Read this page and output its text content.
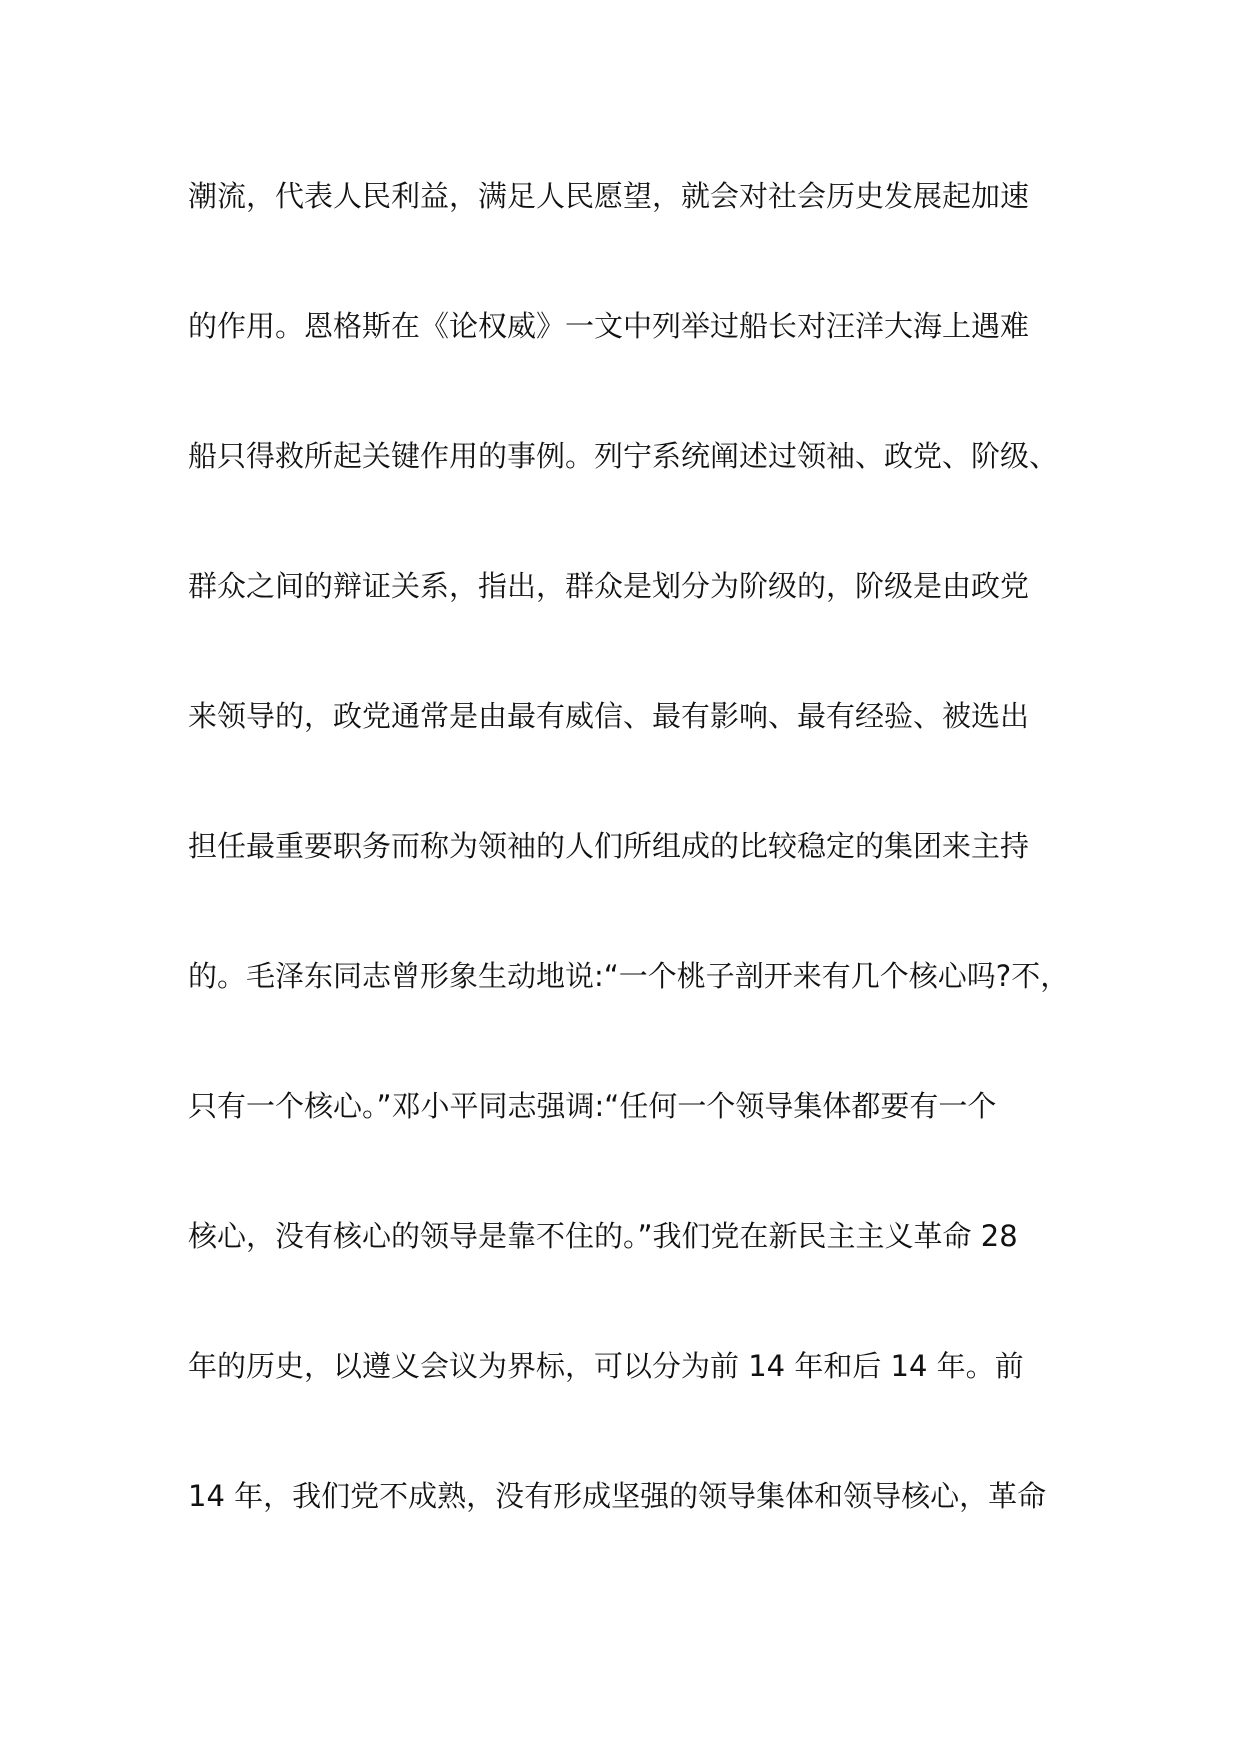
潮流，代表人民利益，满足人民愿望，就会对社会历史发展起加速

的作用。恩格斯在《论权威》一文中列举过船长对汪洋大海上遇难

船只得救所起关键作用的事例。列宁系统阐述过领袖、政党、阶级、

群众之间的辩证关系，指出，群众是划分为阶级的，阶级是由政党

来领导的，政党通常是由最有威信、最有影响、最有经验、被选出

担任最重要职务而称为领袖的人们所组成的比较稳定的集团来主持

的。毛泽东同志曾形象生动地说:“一个桃子剖开来有几个核心吗?不，

只有一个核心。”邓小平同志强调:“任何一个领导集体都要有一个

核心，没有核心的领导是靠不住的。”我们党在新民主主义革命 28

年的历史，以遵义会议为界标，可以分为前 14 年和后 14 年。前

14 年，我们党不成熟，没有形成坚强的领导集体和领导核心，革命
